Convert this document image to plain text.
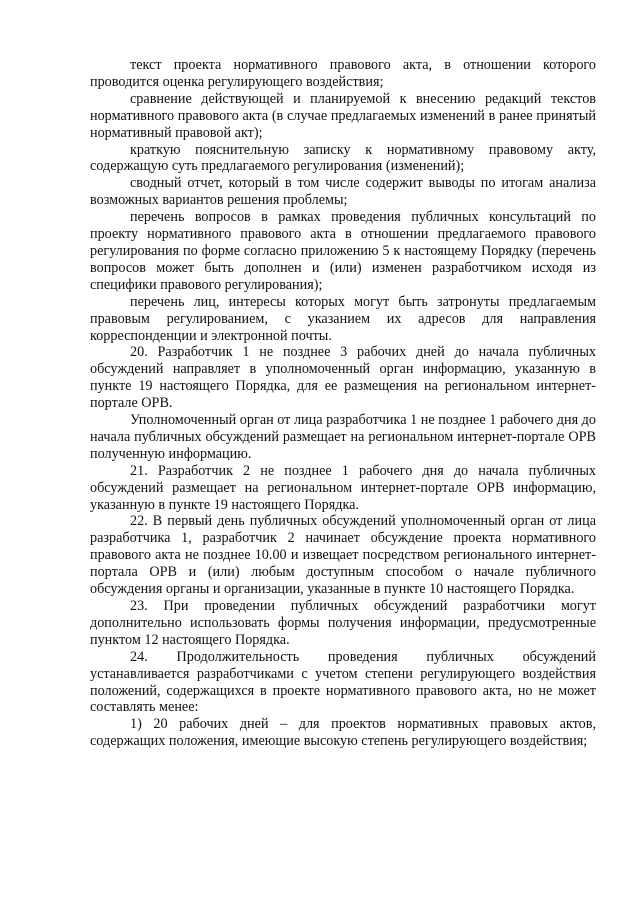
текст проекта нормативного правового акта, в отношении которого проводится оценка регулирующего воздействия;

сравнение действующей и планируемой к внесению редакций текстов нормативного правового акта (в случае предлагаемых изменений в ранее принятый нормативный правовой акт);

краткую пояснительную записку к нормативному правовому акту, содержащую суть предлагаемого регулирования (изменений);

сводный отчет, который в том числе содержит выводы по итогам анализа возможных вариантов решения проблемы;

перечень вопросов в рамках проведения публичных консультаций по проекту нормативного правового акта в отношении предлагаемого правового регулирования по форме согласно приложению 5 к настоящему Порядку (перечень вопросов может быть дополнен и (или) изменен разработчиком исходя из специфики правового регулирования);

перечень лиц, интересы которых могут быть затронуты предлагаемым правовым регулированием, с указанием их адресов для направления корреспонденции и электронной почты.

20. Разработчик 1 не позднее 3 рабочих дней до начала публичных обсуждений направляет в уполномоченный орган информацию, указанную в пункте 19 настоящего Порядка, для ее размещения на региональном интернет-портале ОРВ.

Уполномоченный орган от лица разработчика 1 не позднее 1 рабочего дня до начала публичных обсуждений размещает на региональном интернет-портале ОРВ полученную информацию.

21. Разработчик 2 не позднее 1 рабочего дня до начала публичных обсуждений размещает на региональном интернет-портале ОРВ информацию, указанную в пункте 19 настоящего Порядка.

22. В первый день публичных обсуждений уполномоченный орган от лица разработчика 1, разработчик 2 начинает обсуждение проекта нормативного правового акта не позднее 10.00 и извещает посредством регионального интернет-портала ОРВ и (или) любым доступным способом о начале публичного обсуждения органы и организации, указанные в пункте 10 настоящего Порядка.

23. При проведении публичных обсуждений разработчики могут дополнительно использовать формы получения информации, предусмотренные пунктом 12 настоящего Порядка.

24. Продолжительность проведения публичных обсуждений устанавливается разработчиками с учетом степени регулирующего воздействия положений, содержащихся в проекте нормативного правового акта, но не может составлять менее:

1) 20 рабочих дней – для проектов нормативных правовых актов, содержащих положения, имеющие высокую степень регулирующего воздействия;
